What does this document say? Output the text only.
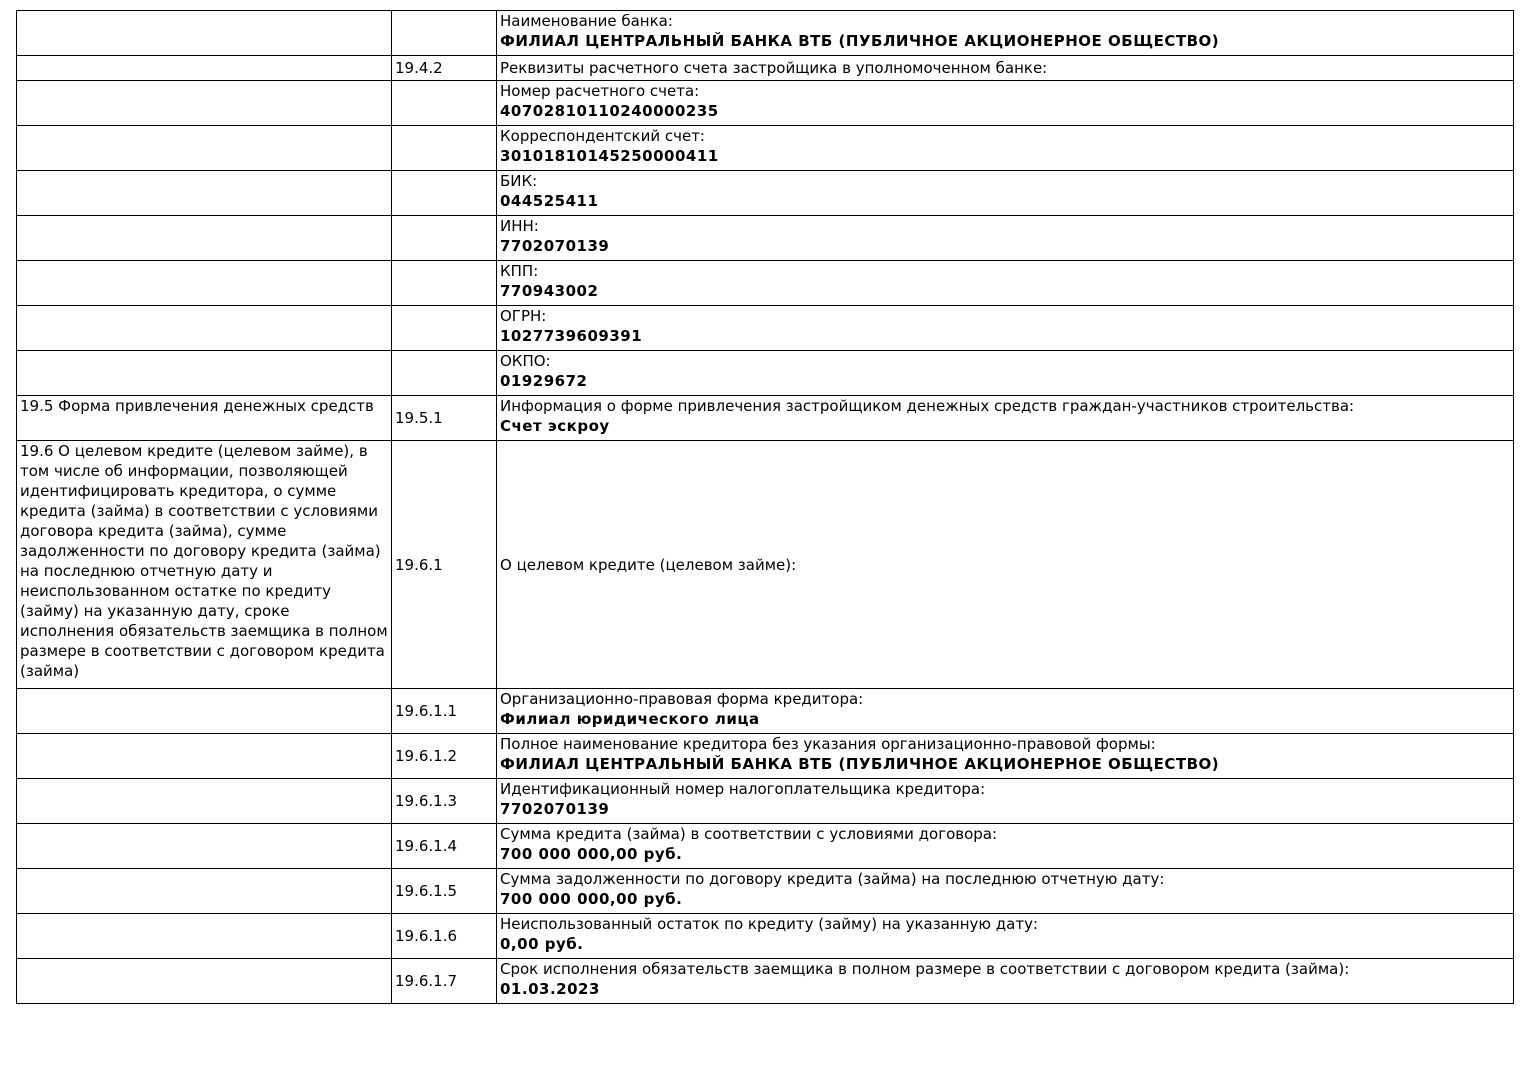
		Наименование банка:
ФИЛИАЛ ЦЕНТРАЛЬНЫЙ БАНКА ВТБ (ПУБЛИЧНОЕ АКЦИОНЕРНОЕ ОБЩЕСТВО)

	19.4.2	Реквизиты расчетного счета застройщика в уполномоченном банке:

		Номер расчетного счета:
40702810110240000235

		Корреспондентский счет:
30101810145250000411

		БИК:
044525411

		ИНН:
7702070139

		КПП:
770943002

		ОГРН:
1027739609391

		ОКПО:
01929672

19.5 Форма привлечения денежных средств	19.5.1	Информация о форме привлечения застройщиком денежных средств граждан-участников строительства:
Счет эскроу

19.6 О целевом кредите (целевом займе), в том числе об информации, позволяющей идентифицировать кредитора, о сумме кредита (займа) в соответствии с условиями договора кредита (займа), сумме задолженности по договору кредита (займа) на последнюю отчетную дату и неиспользованном остатке по кредиту (займу) на указанную дату, сроке исполнения обязательств заемщика в полном размере в соответствии с договором кредита (займа)	19.6.1	О целевом кредите (целевом займе):

	19.6.1.1	Организационно-правовая форма кредитора:
Филиал юридического лица

	19.6.1.2	Полное наименование кредитора без указания организационно-правовой формы:
ФИЛИАЛ ЦЕНТРАЛЬНЫЙ БАНКА ВТБ (ПУБЛИЧНОЕ АКЦИОНЕРНОЕ ОБЩЕСТВО)

	19.6.1.3	Идентификационный номер налогоплательщика кредитора:
7702070139

	19.6.1.4	Сумма кредита (займа) в соответствии с условиями договора:
700 000 000,00 руб.

	19.6.1.5	Сумма задолженности по договору кредита (займа) на последнюю отчетную дату:
700 000 000,00 руб.

	19.6.1.6	Неиспользованный остаток по кредиту (займу) на указанную дату:
0,00 руб.

	19.6.1.7	Срок исполнения обязательств заемщика в полном размере в соответствии с договором кредита (займа):
01.03.2023
